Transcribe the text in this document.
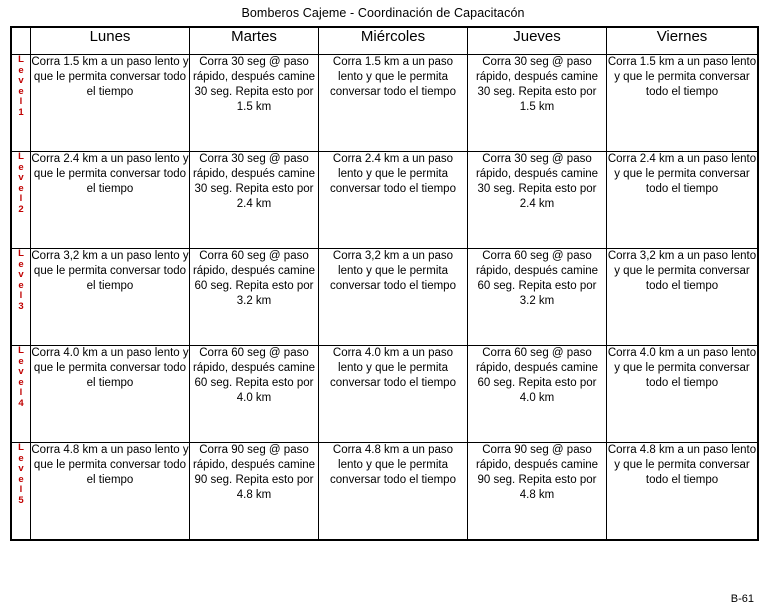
Bomberos Cajeme - Coordinación de Capacitacón
	Lunes	Martes	Miércoles	Jueves	Viernes

L
e
v
e
l
1
	Corra 1.5 km a un paso lento y que le permita conversar todo el tiempo	Corra 30 seg @ paso rápido, después camine 30 seg. Repita esto por 1.5 km	Corra 1.5 km a un paso lento y que le permita conversar todo el tiempo	Corra 30 seg @ paso rápido, después camine 30 seg. Repita esto por 1.5 km	Corra 1.5 km a un paso lento y que le permita conversar todo el tiempo

L
e
v
e
l
2
	Corra 2.4 km a un paso lento y que le permita conversar todo el tiempo	Corra 30 seg @ paso rápido, después camine 30 seg. Repita esto por 2.4 km	Corra 2.4 km a un paso lento y que le permita conversar todo el tiempo	Corra 30 seg @ paso rápido, después camine 30 seg. Repita esto por 2.4 km	Corra 2.4 km a un paso lento y que le permita conversar todo el tiempo

L
e
v
e
l
3
	Corra 3,2 km a un paso lento y que le permita conversar todo el tiempo	Corra 60 seg @ paso rápido, después camine 60 seg. Repita esto por 3.2 km	Corra 3,2 km a un paso lento y que le permita conversar todo el tiempo	Corra 60 seg @ paso rápido, después camine 60 seg. Repita esto por 3.2 km	Corra 3,2 km a un paso lento y que le permita conversar todo el tiempo

L
e
v
e
l
4
	Corra 4.0 km a un paso lento y que le permita conversar todo el tiempo	Corra 60 seg @ paso rápido, después camine 60 seg. Repita esto por 4.0 km	Corra 4.0 km a un paso lento y que le permita conversar todo el tiempo	Corra 60 seg @ paso rápido, después camine 60 seg. Repita esto por 4.0 km	Corra 4.0 km a un paso lento y que le permita conversar todo el tiempo

L
e
v
e
l
5
	Corra 4.8 km a un paso lento y que le permita conversar todo el tiempo	Corra 90 seg @ paso rápido, después camine 90 seg. Repita esto por 4.8 km	Corra 4.8 km a un paso lento y que le permita conversar todo el tiempo	Corra 90 seg @ paso rápido, después camine 90 seg. Repita esto por 4.8 km	Corra 4.8 km a un paso lento y que le permita conversar todo el tiempo
B-61
